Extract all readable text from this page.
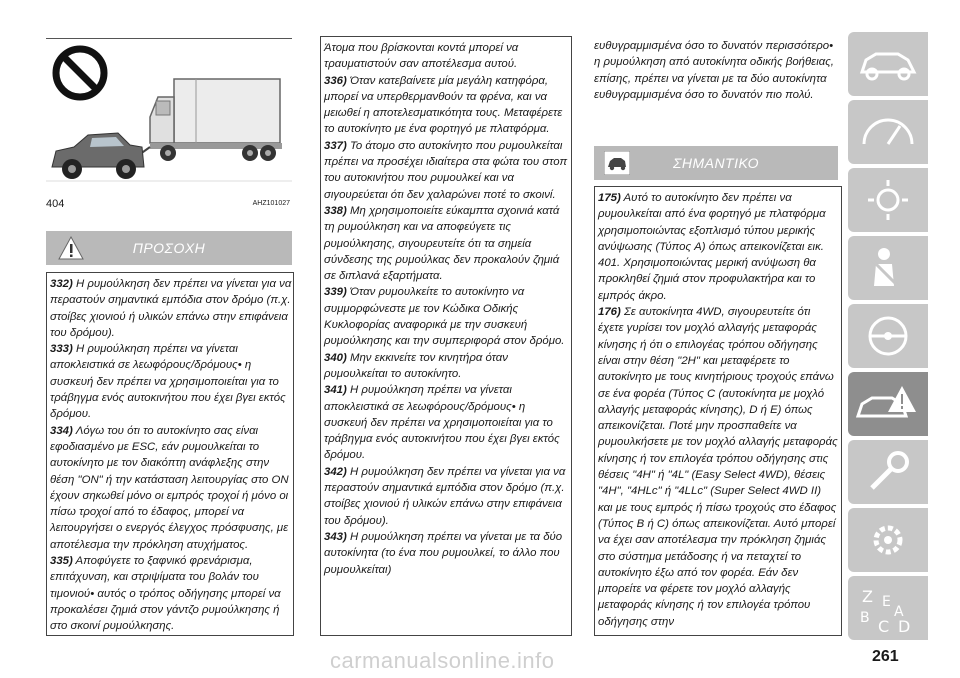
404	AHZ101027
ΠΡΟΣΟΧΗ

332) Η ρυμούλκηση δεν πρέπει να γίνεται για να περαστούν σημαντικά εμπόδια στον δρόμο (π.χ. στοίβες χιονιού ή υλικών επάνω στην επιφάνεια του δρόμου).

333) Η ρυμούλκηση πρέπει να γίνεται αποκλειστικά σε λεωφόρους/δρόμους• η συσκευή δεν πρέπει να χρησιμοποιείται για το τράβηγμα ενός αυτοκινήτου που έχει βγει εκτός δρόμου.

334) Λόγω του ότι το αυτοκίνητο σας είναι εφοδιασμένο με ESC, εάν ρυμουλκείται το αυτοκίνητο με τον διακόπτη ανάφλεξης στην θέση "ON" ή την κατάσταση λειτουργίας στο ON έχουν σηκωθεί μόνο οι εμπρός τροχοί ή μόνο οι πίσω τροχοί από το έδαφος, μπορεί να λειτουργήσει ο ενεργός έλεγχος πρόσφυσης, με αποτέλεσμα την πρόκληση ατυχήματος.

335) Αποφύγετε το ξαφνικό φρενάρισμα, επιτάχυνση, και στριψίματα του βολάν του τιμονιού• αυτός ο τρόπος οδήγησης μπορεί να προκαλέσει ζημιά στον γάντζο ρυμούλκησης ή στο σκοινί ρυμούλκησης.

Άτομα που βρίσκονται κοντά μπορεί να τραυματιστούν σαν αποτέλεσμα αυτού.

336) Όταν κατεβαίνετε μία μεγάλη κατηφόρα, μπορεί να υπερθερμανθούν τα φρένα, και να μειωθεί η αποτελεσματικότητα τους. Μεταφέρετε το αυτοκίνητο με ένα φορτηγό με πλατφόρμα.

337) Το άτομο στο αυτοκίνητο που ρυμουλκείται πρέπει να προσέχει ιδιαίτερα στα φώτα του στοπ του αυτοκινήτου που ρυμουλκεί και να σιγουρεύεται ότι δεν χαλαρώνει ποτέ το σκοινί.

338) Μη χρησιμοποιείτε εύκαμπτα σχοινιά κατά τη ρυμούλκηση και να αποφεύγετε τις ρυμούλκησης, σιγουρευτείτε ότι τα σημεία σύνδεσης της ρυμούλκας δεν προκαλούν ζημιά σε διπλανά εξαρτήματα.

339) Όταν ρυμουλκείτε το αυτοκίνητο να συμμορφώνεστε με τον Κώδικα Οδικής Κυκλοφορίας αναφορικά με την συσκευή ρυμούλκησης και την συμπεριφορά στον δρόμο.

340) Μην εκκινείτε τον κινητήρα όταν ρυμουλκείται το αυτοκίνητο.

341) Η ρυμούλκηση πρέπει να γίνεται αποκλειστικά σε λεωφόρους/δρόμους• η συσκευή δεν πρέπει να χρησιμοποιείται για το τράβηγμα ενός αυτοκινήτου που έχει βγει εκτός δρόμου.

342) Η ρυμούλκηση δεν πρέπει να γίνεται για να περαστούν σημαντικά εμπόδια στον δρόμο (π.χ. στοίβες χιονιού ή υλικών επάνω στην επιφάνεια του δρόμου).

343) Η ρυμούλκηση πρέπει να γίνεται με τα δύο αυτοκίνητα (το ένα που ρυμουλκεί, το άλλο που ρυμουλκείται)

ευθυγραμμισμένα όσο το δυνατόν περισσότερο• η ρυμούλκηση από αυτοκίνητα οδικής βοήθειας, επίσης, πρέπει να γίνεται με τα δύο αυτοκίνητα ευθυγραμμισμένα όσο το δυνατόν πιο πολύ.

ΣΗΜΑΝΤΙΚΟ

175) Αυτό το αυτοκίνητο δεν πρέπει να ρυμουλκείται από ένα φορτηγό με πλατφόρμα χρησιμοποιώντας εξοπλισμό τύπου μερικής ανύψωσης (Τύπος A) όπως απεικονίζεται εικ. 401. Χρησιμοποιώντας μερική ανύψωση θα προκληθεί ζημιά στον προφυλακτήρα και το εμπρός άκρο.

176) Σε αυτοκίνητα 4WD, σιγουρευτείτε ότι έχετε γυρίσει τον μοχλό αλλαγής μεταφοράς κίνησης ή ότι ο επιλογέας τρόπου οδήγησης είναι στην θέση "2H" και μεταφέρετε το αυτοκίνητο με τους κινητήριους τροχούς επάνω σε ένα φορέα (Τύπος C (αυτοκίνητα με μοχλό αλλαγής μεταφοράς κίνησης), D ή E) όπως απεικονίζεται. Ποτέ μην προσπαθείτε να ρυμουλκήσετε με τον μοχλό αλλαγής μεταφοράς κίνησης ή τον επιλογέα τρόπου οδήγησης στις θέσεις "4H" ή "4L" (Easy Select 4WD), θέσεις "4H", "4HLc" ή "4LLc" (Super Select 4WD II) και με τους εμπρός ή πίσω τροχούς στο έδαφος (Τύπος B ή C) όπως απεικονίζεται. Αυτό μπορεί να έχει σαν αποτέλεσμα την πρόκληση ζημιάς στο σύστημα μετάδοσης ή να πεταχτεί το αυτοκίνητο έξω από τον φορέα. Εάν δεν μπορείτε να φέρετε τον μοχλό αλλαγής μεταφοράς κίνησης ή τον επιλογέα τρόπου οδήγησης στην

Z E
B C D
A
261
carmanualsonline.info
